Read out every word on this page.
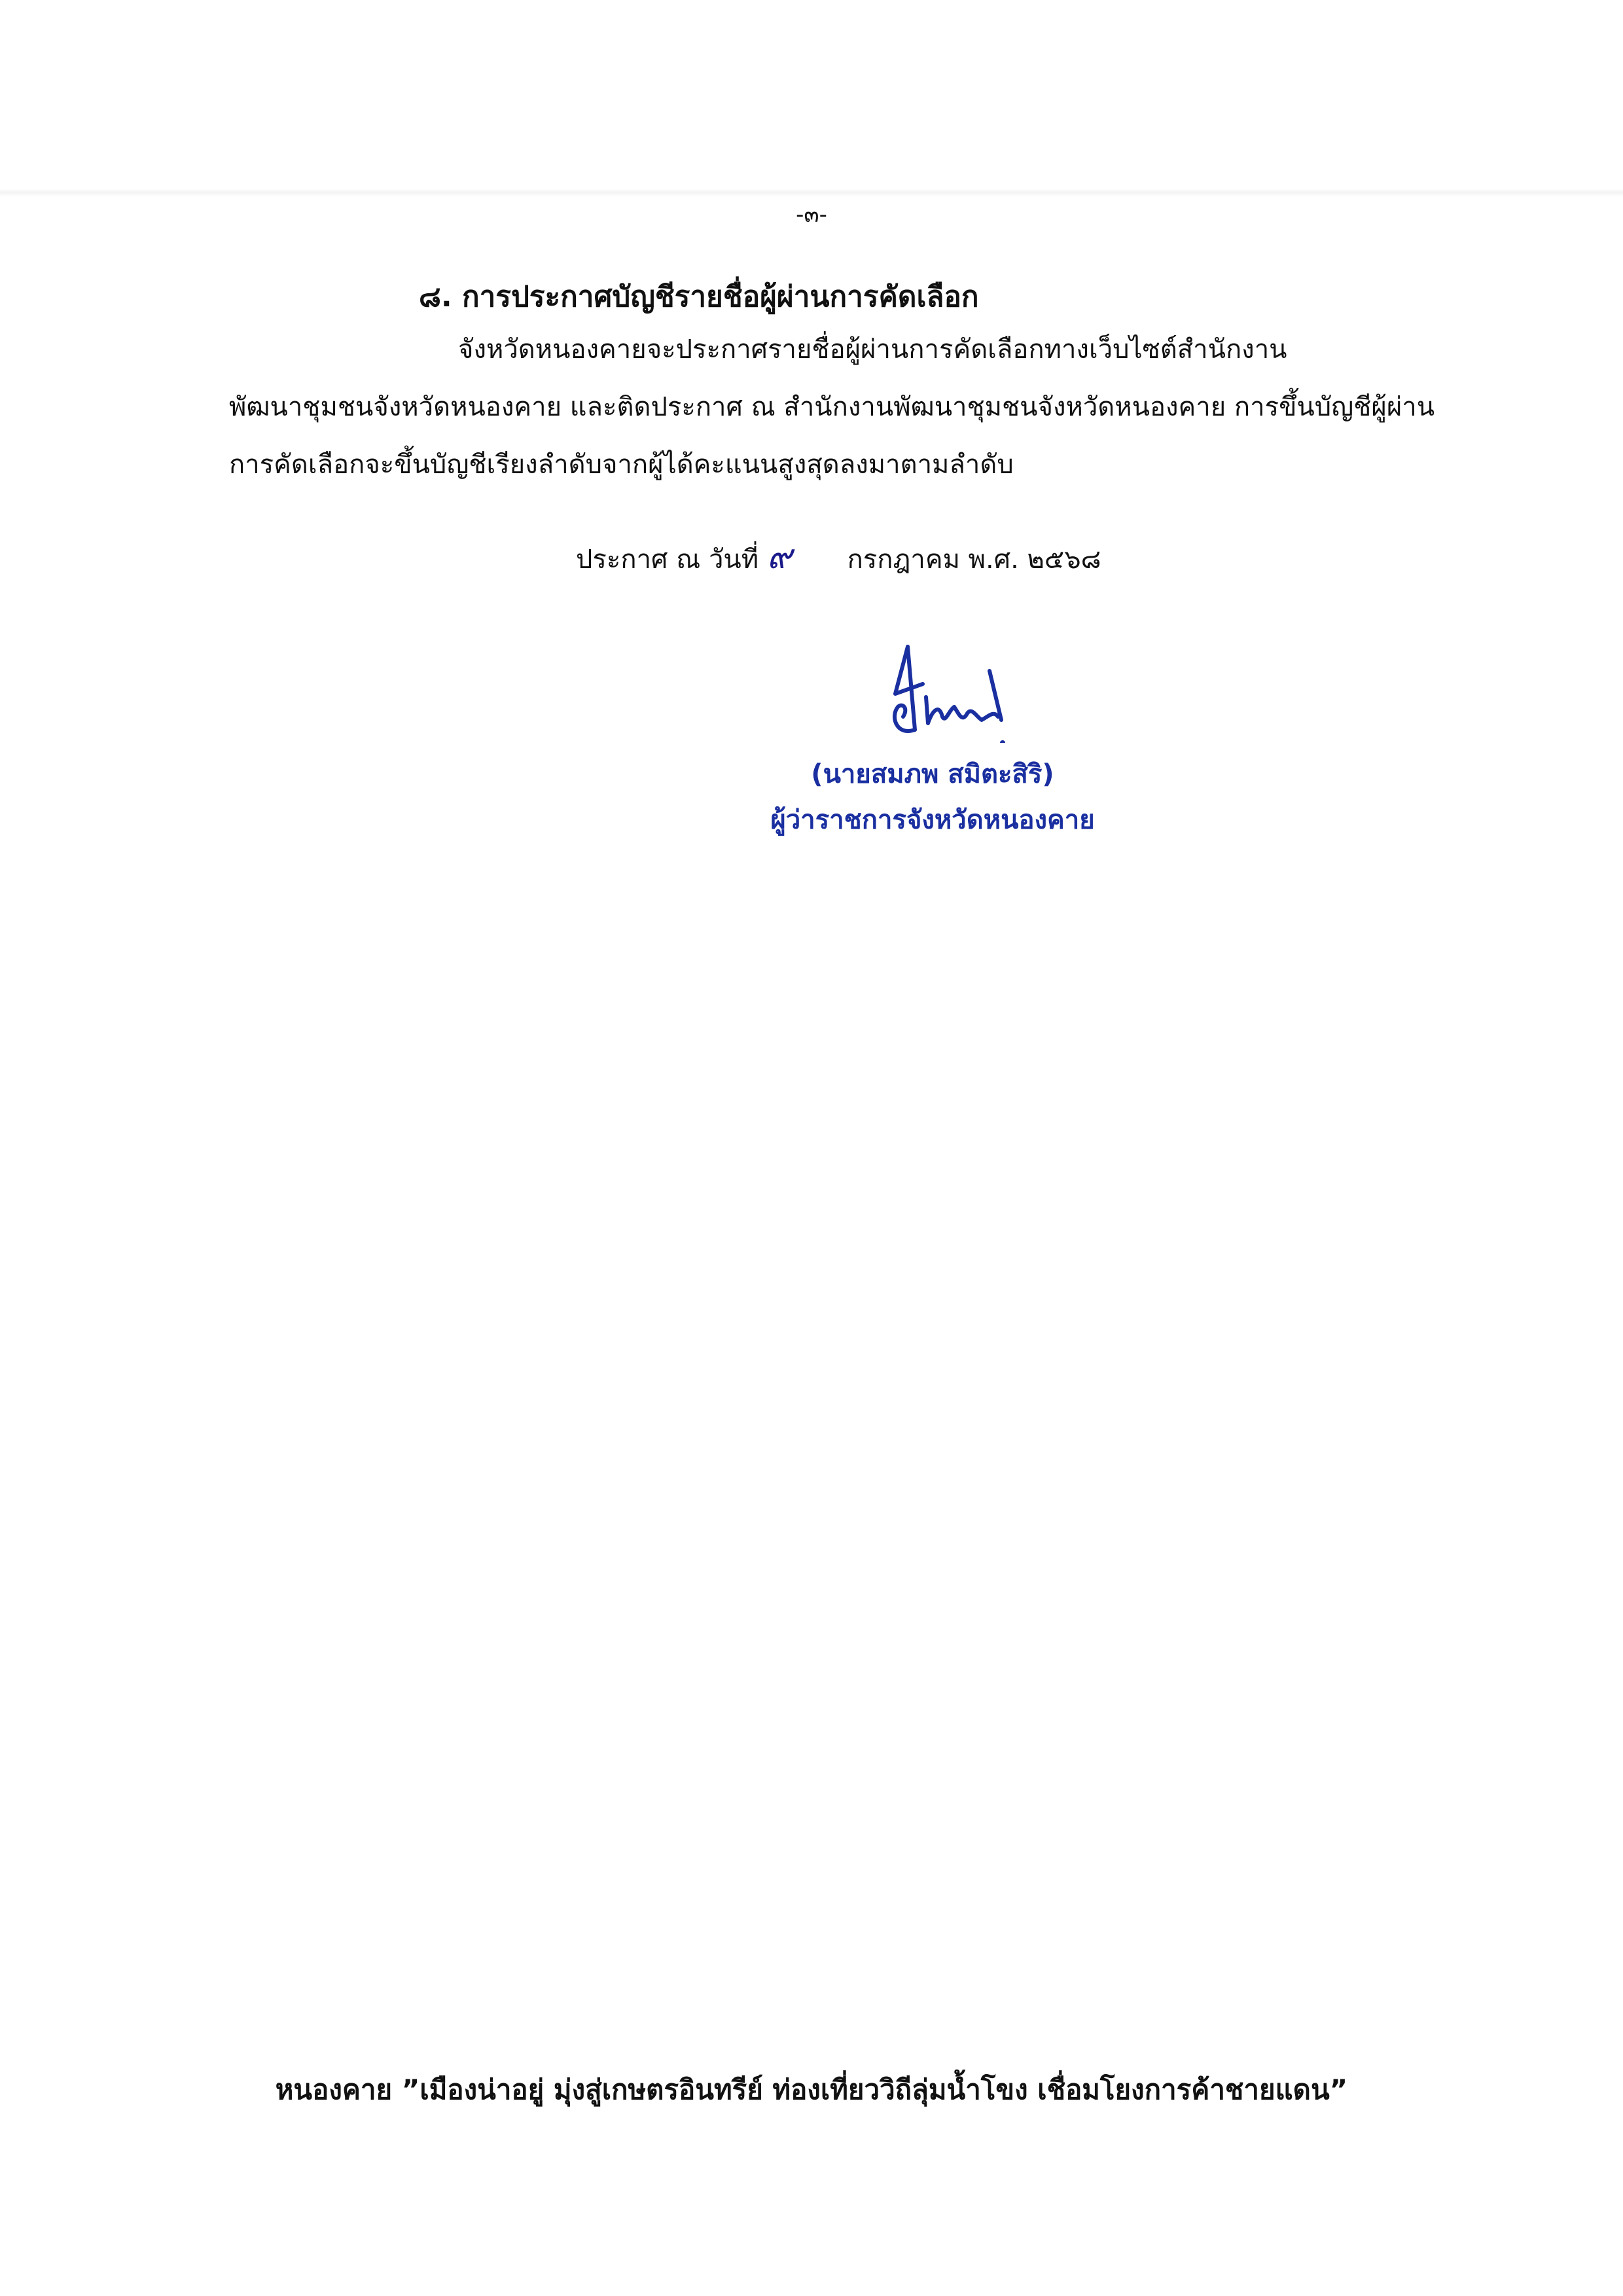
-๓-
๘. การประกาศบัญชีรายชื่อผู้ผ่านการคัดเลือก
จังหวัดหนองคายจะประกาศรายชื่อผู้ผ่านการคัดเลือกทางเว็บไซต์สำนักงาน
พัฒนาชุมชนจังหวัดหนองคาย และติดประกาศ ณ สำนักงานพัฒนาชุมชนจังหวัดหนองคาย การขึ้นบัญชีผู้ผ่าน
การคัดเลือกจะขึ้นบัญชีเรียงลำดับจากผู้ได้คะแนนสูงสุดลงมาตามลำดับ
ประกาศ ณ วันที่ ๙ กรกฎาคม พ.ศ. ๒๕๖๘
(นายสมภพ สมิตะสิริ)
ผู้ว่าราชการจังหวัดหนองคาย
หนองคาย ”เมืองน่าอยู่ มุ่งสู่เกษตรอินทรีย์ ท่องเที่ยววิถีลุ่มน้ำโขง เชื่อมโยงการค้าชายแดน”
